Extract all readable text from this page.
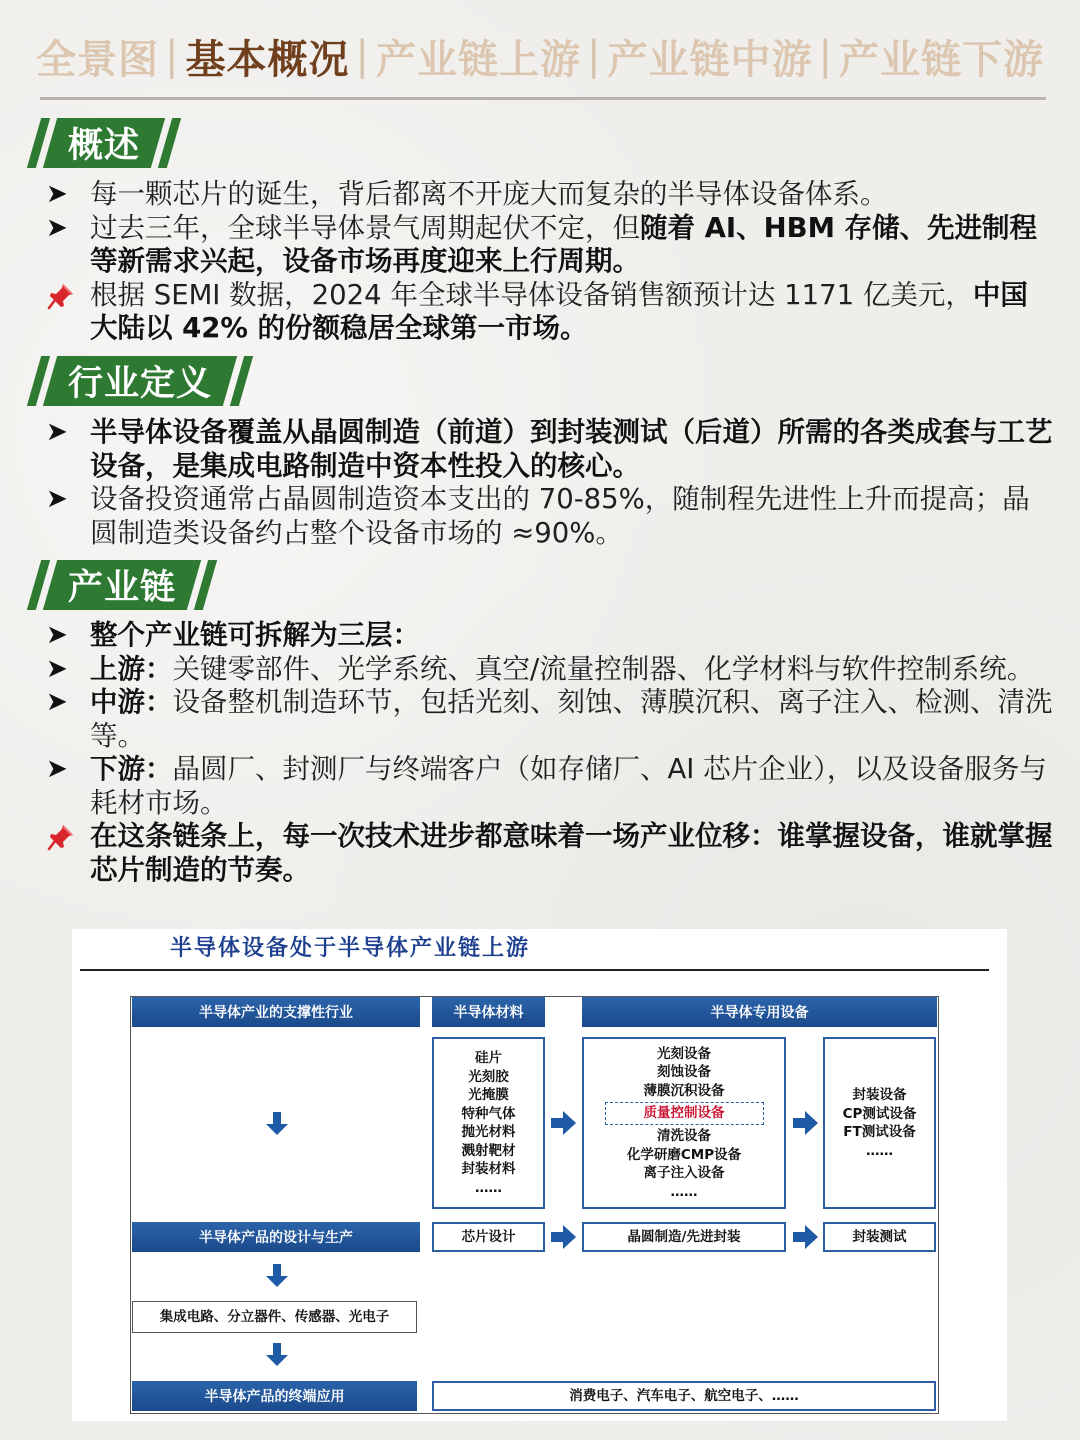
全景图 | 基本概况 | 产业链上游 | 产业链中游 | 产业链下游
概述
➤ 每一颗芯片的诞生，背后都离不开庞大而复杂的半导体设备体系。
➤ 过去三年，全球半导体景气周期起伏不定，但随着 AI、HBM 存储、先进制程等新需求兴起，设备市场再度迎来上行周期。
根据 SEMI 数据，2024 年全球半导体设备销售额预计达 1171 亿美元，中国大陆以 42% 的份额稳居全球第一市场。
行业定义
➤ 半导体设备覆盖从晶圆制造（前道）到封装测试（后道）所需的各类成套与工艺设备，是集成电路制造中资本性投入的核心。
➤ 设备投资通常占晶圆制造资本支出的 70-85%，随制程先进性上升而提高；晶圆制造类设备约占整个设备市场的 ≈90%。
产业链
➤ 整个产业链可拆解为三层：
➤ 上游：关键零部件、光学系统、真空/流量控制器、化学材料与软件控制系统。
➤ 中游：设备整机制造环节，包括光刻、刻蚀、薄膜沉积、离子注入、检测、清洗等。
➤ 下游：晶圆厂、封测厂与终端客户（如存储厂、AI 芯片企业），以及设备服务与耗材市场。
在这条链条上，每一次技术进步都意味着一场产业位移：谁掌握设备，谁就掌握芯片制造的节奏。
半导体设备处于半导体产业链上游
半导体产业的支撑性行业	半导体材料	半导体专用设备
硅片
光刻胶
光掩膜
特种气体
抛光材料
溅射靶材
封装材料
……
光刻设备
刻蚀设备
薄膜沉积设备
质量控制设备
清洗设备
化学研磨CMP设备
离子注入设备
……
封装设备
CP测试设备
FT测试设备
……
半导体产品的设计与生产	芯片设计	晶圆制造/先进封装	封装测试
集成电路、分立器件、传感器、光电子
半导体产品的终端应用	消费电子、汽车电子、航空电子、……
